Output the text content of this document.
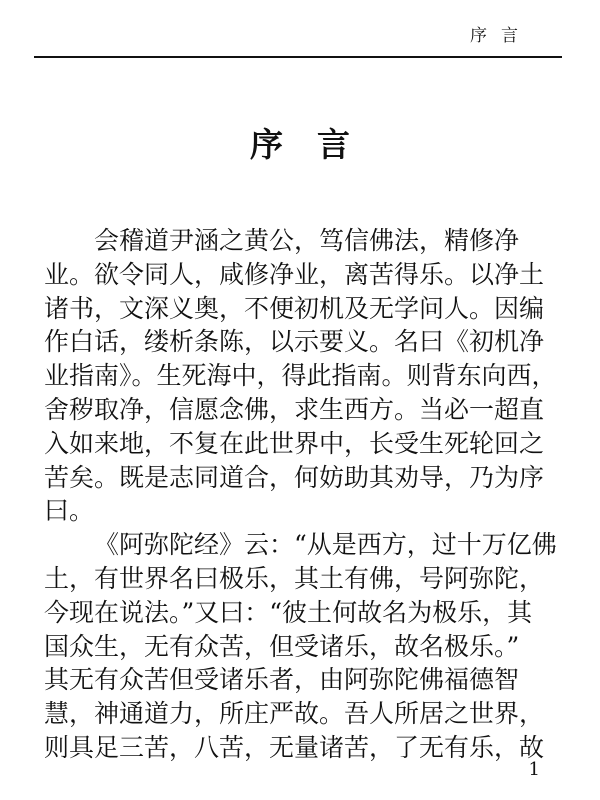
序言
序 言

会稽道尹涵之黄公，笃信佛法，精修净
业。欲令同人，咸修净业，离苦得乐。以净土
诸书，文深义奥，不便初机及无学问人。因编
作白话，缕析条陈，以示要义。名曰《初机净
业指南》。生死海中，得此指南。则背东向西，
舍秽取净，信愿念佛，求生西方。当必一超直
入如来地，不复在此世界中，长受生死轮回之
苦矣。既是志同道合，何妨助其劝导，乃为序
曰。

《阿弥陀经》云：“从是西方，过十万亿佛
土，有世界名曰极乐，其土有佛，号阿弥陀，
今现在说法。”又曰：“彼土何故名为极乐，其
国众生，无有众苦，但受诸乐，故名极乐。”
其无有众苦但受诸乐者，由阿弥陀佛福德智
慧，神通道力，所庄严故。吾人所居之世界，
则具足三苦，八苦，无量诸苦，了无有乐，故

1
